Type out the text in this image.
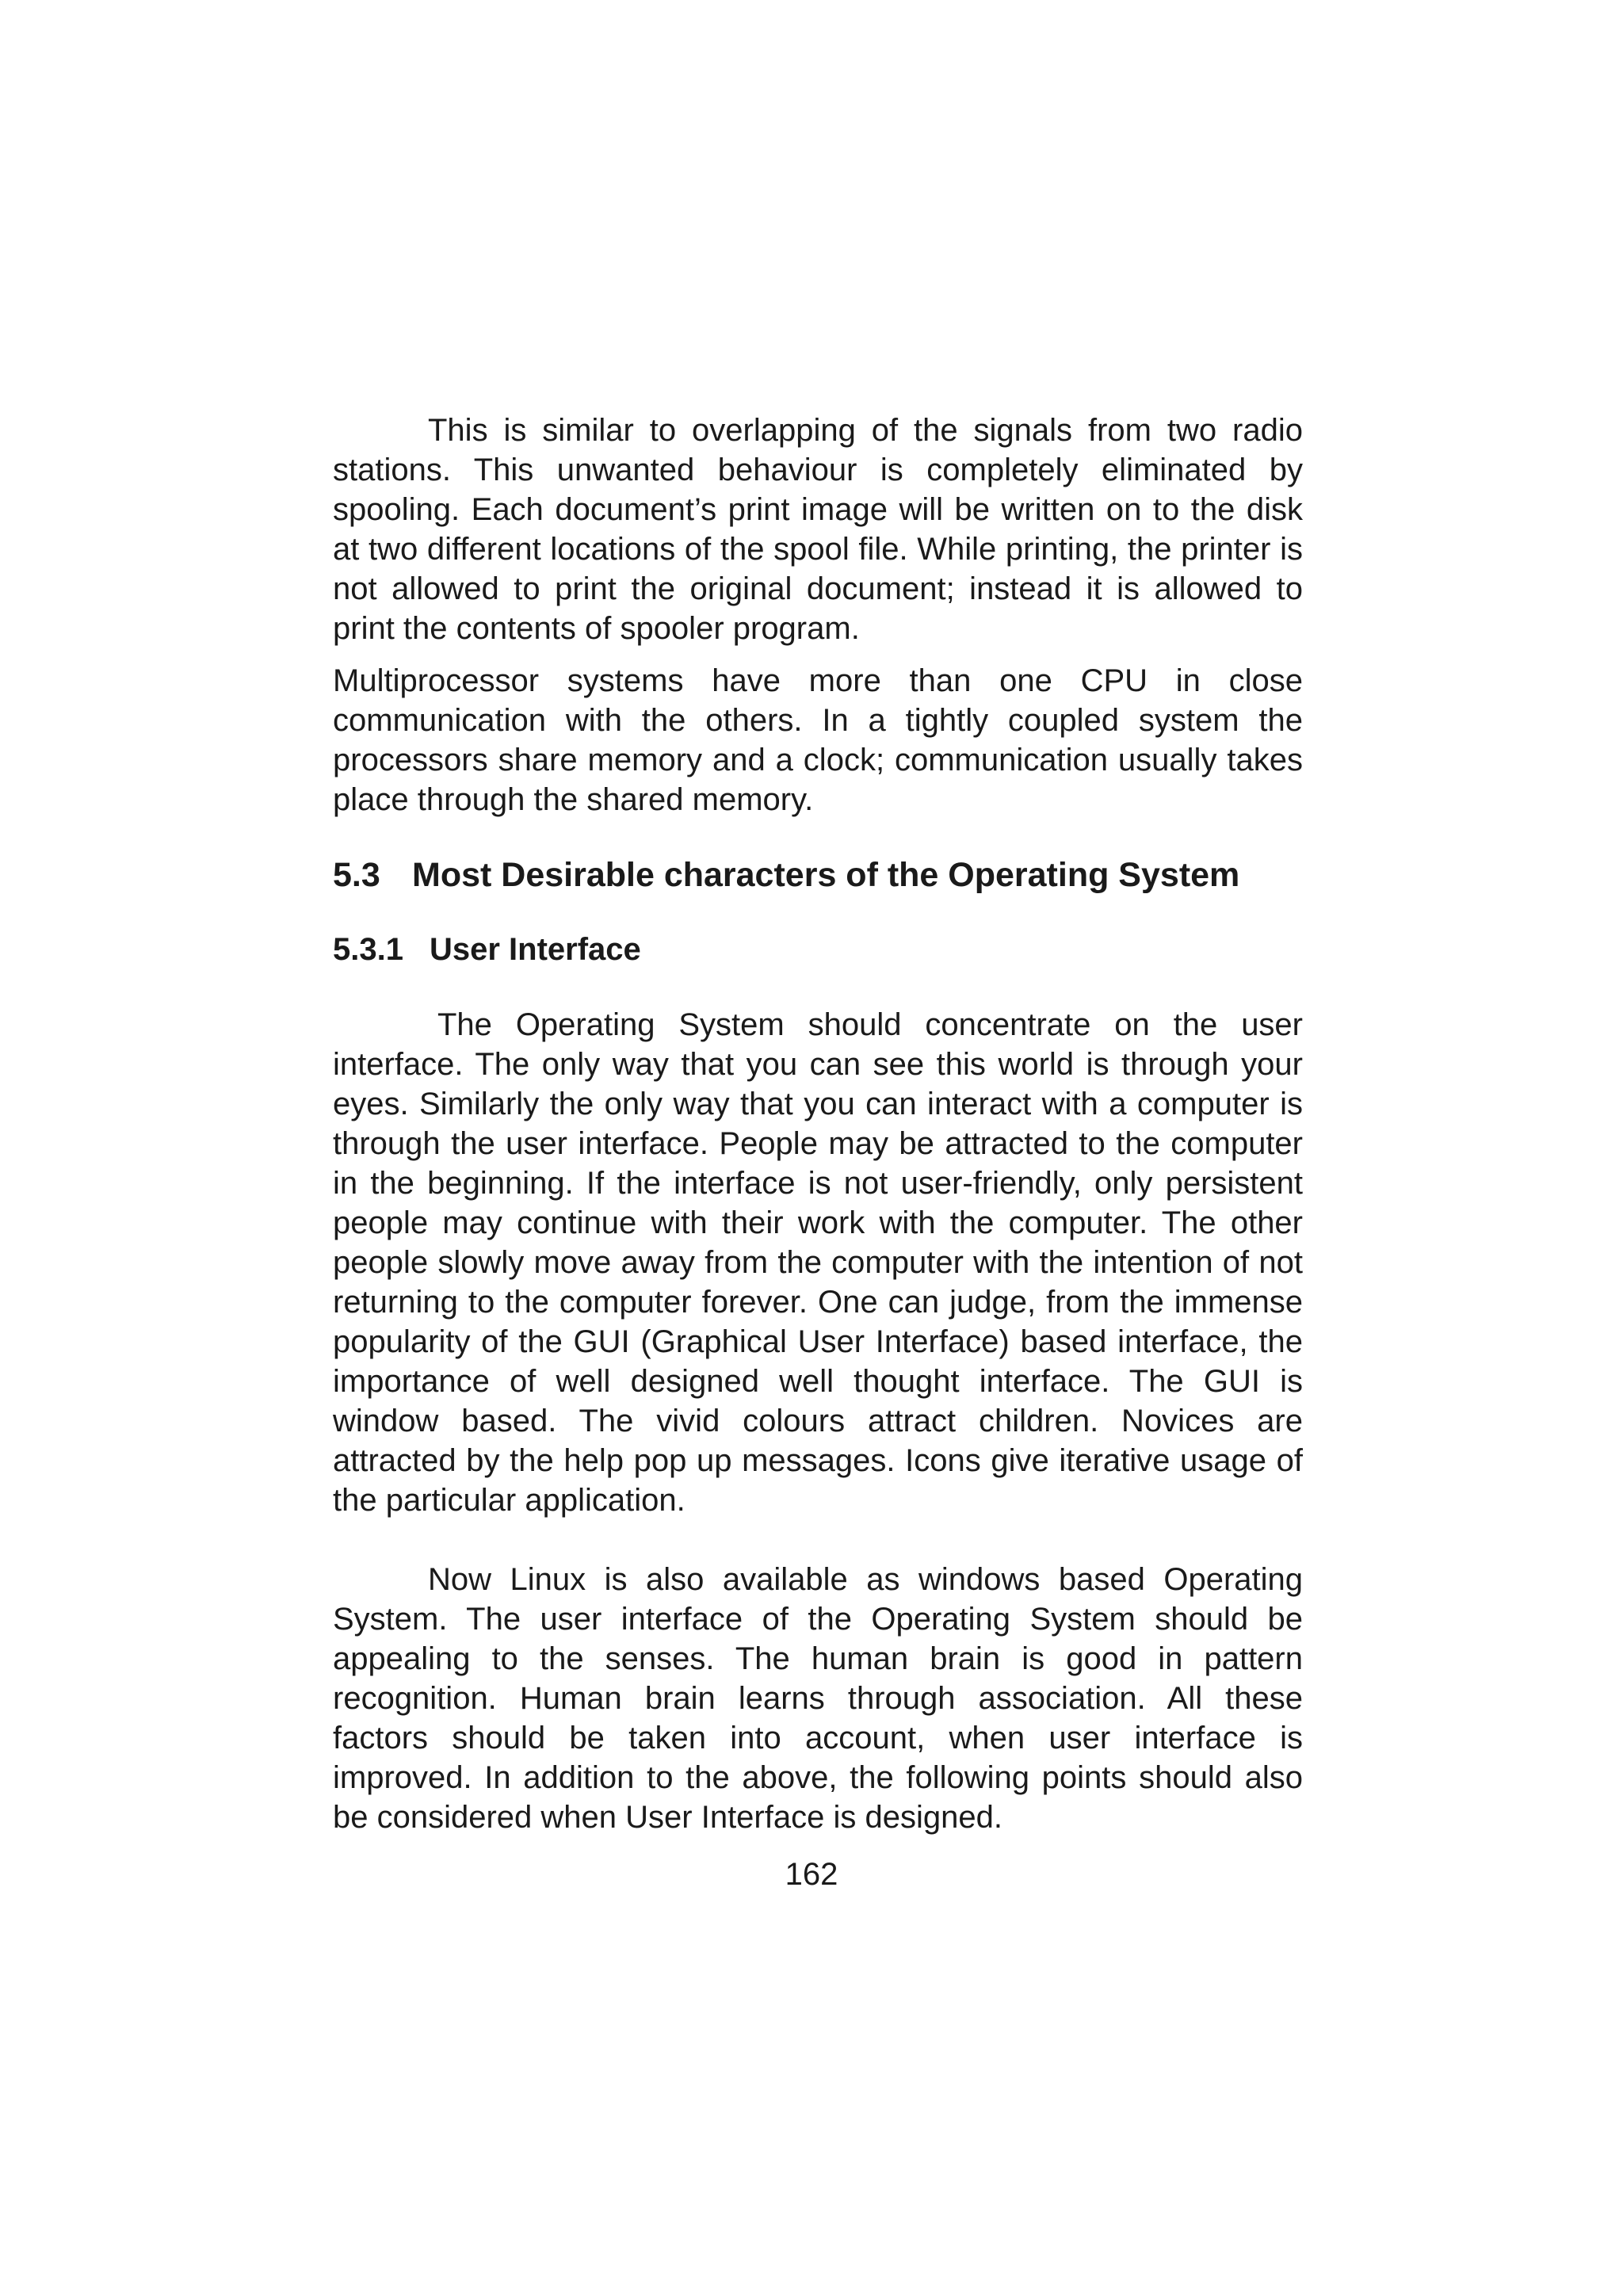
This is similar to overlapping of the signals from two radio stations. This unwanted behaviour is completely eliminated by spooling. Each document’s print image will be written on to the disk at two different locations of the spool file. While printing, the printer is not allowed to print the original document; instead it is allowed to print the contents of spooler program.

Multiprocessor systems have more than one CPU in close communication with the others. In a tightly coupled system the processors share memory and a clock; communication usually takes place through the shared memory.

5.3 Most Desirable characters of the Operating System
5.3.1 User Interface

The Operating System should concentrate on the user interface. The only way that you can see this world is through your eyes. Similarly the only way that you can interact with a computer is through the user interface. People may be attracted to the computer in the beginning. If the interface is not user-friendly, only persistent people may continue with their work with the computer. The other people slowly move away from the computer with the intention of not returning to the computer forever. One can judge, from the immense popularity of the GUI (Graphical User Interface) based interface, the importance of well designed well thought interface. The GUI is window based. The vivid colours attract children. Novices are attracted by the help pop up messages. Icons give iterative usage of the particular application.

Now Linux is also available as windows based Operating System. The user interface of the Operating System should be appealing to the senses. The human brain is good in pattern recognition. Human brain learns through association. All these factors should be taken into account, when user interface is improved. In addition to the above, the following points should also be considered when User Interface is designed.

162
